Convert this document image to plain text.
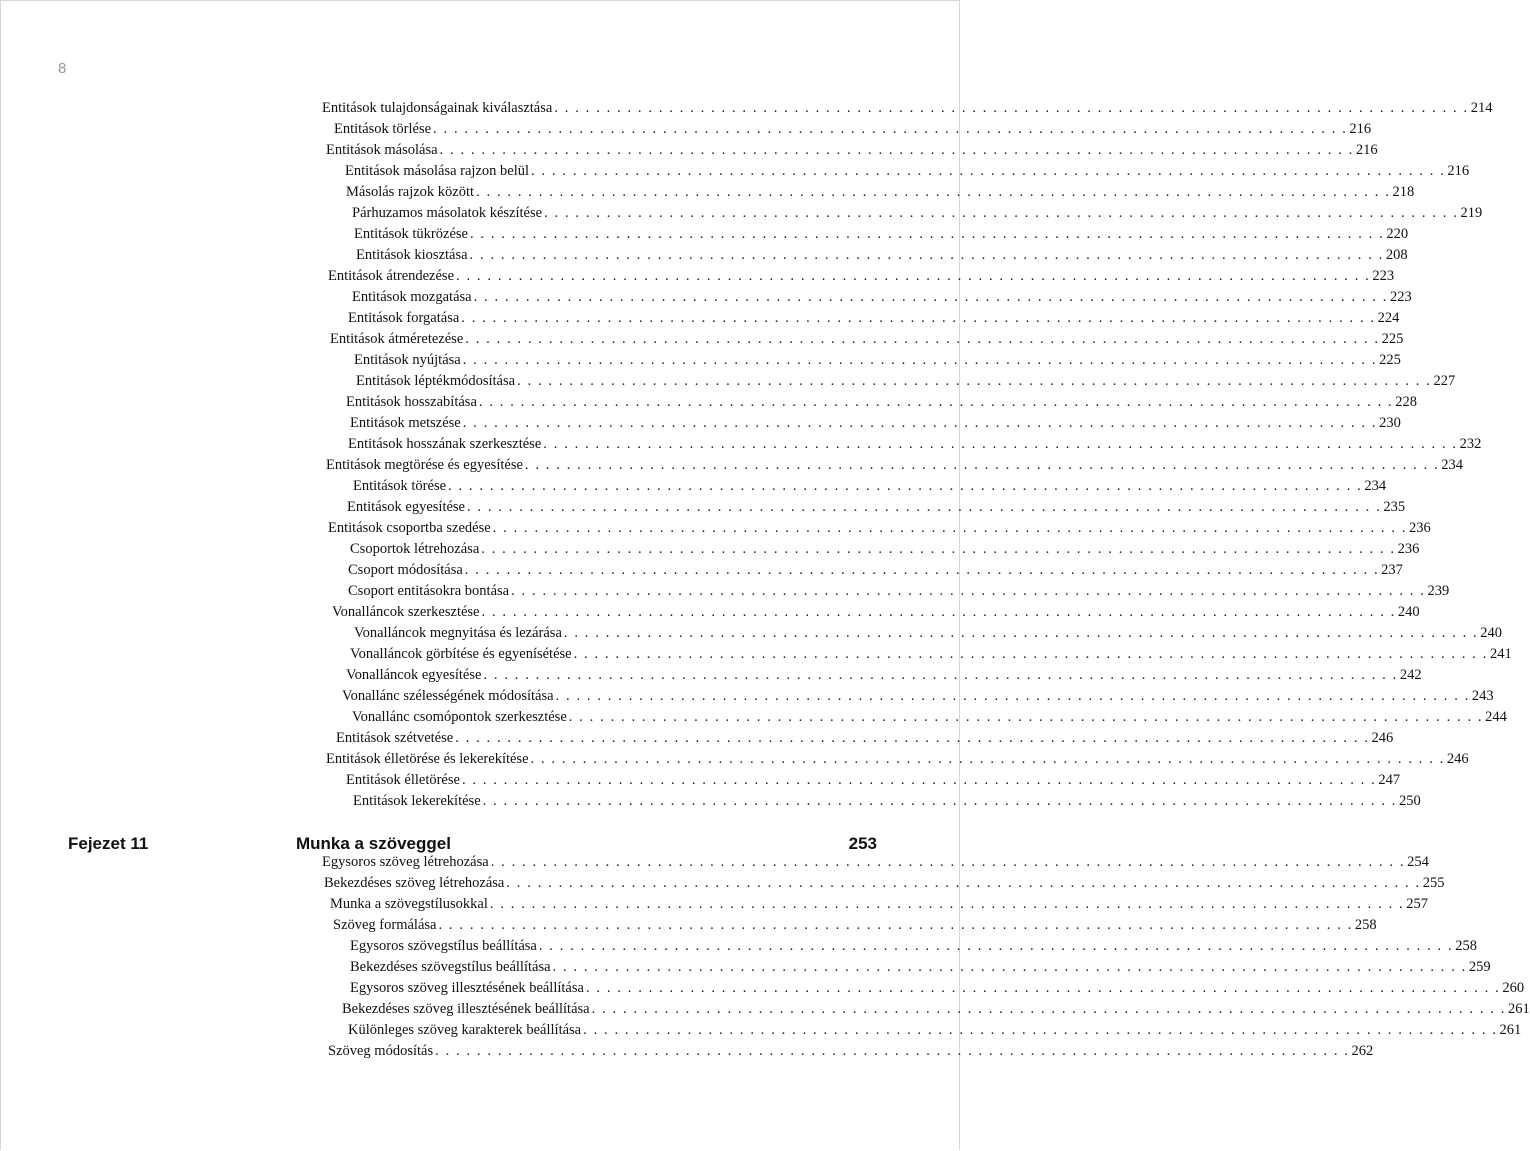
8
Entitások tulajdonságainak kiválasztása . . . . . . . . . . . . . . . . . . . . . . . . . . . . . . . . . . . . . . . . . . . . . . . . . . . . . . . . . . . . . . . . . . . . . . . . . . . . . . . . . . . . . . . . 214
Entitások törlése . . . . . . . . . . . . . . . . . . . . . . . . . . . . . . . . . . . . . . . . . . . . . . . . . . . . . . . . . . . . . . . . . . . . . . . . . . . . . . . . . . . . . . . . 216
Entitások másolása . . . . . . . . . . . . . . . . . . . . . . . . . . . . . . . . . . . . . . . . . . . . . . . . . . . . . . . . . . . . . . . . . . . . . . . . . . . . . . . . . . . . . . . . 216
Entitások másolása rajzon belül . . . . . . . . . . . . . . . . . . . . . . . . . . . . . . . . . . . . . . . . . . . . . . . . . . . . . . . . . . . . . . . . . . . . . . . . . . . . . . . . . . . . . . . . 216
Másolás rajzok között . . . . . . . . . . . . . . . . . . . . . . . . . . . . . . . . . . . . . . . . . . . . . . . . . . . . . . . . . . . . . . . . . . . . . . . . . . . . . . . . . . . . . . . . 218
Párhuzamos másolatok készítése . . . . . . . . . . . . . . . . . . . . . . . . . . . . . . . . . . . . . . . . . . . . . . . . . . . . . . . . . . . . . . . . . . . . . . . . . . . . . . . . . . . . . . . . 219
Entitások tükrözése . . . . . . . . . . . . . . . . . . . . . . . . . . . . . . . . . . . . . . . . . . . . . . . . . . . . . . . . . . . . . . . . . . . . . . . . . . . . . . . . . . . . . . . . 220
Entitások kiosztása . . . . . . . . . . . . . . . . . . . . . . . . . . . . . . . . . . . . . . . . . . . . . . . . . . . . . . . . . . . . . . . . . . . . . . . . . . . . . . . . . . . . . . . . 208
Entitások átrendezése . . . . . . . . . . . . . . . . . . . . . . . . . . . . . . . . . . . . . . . . . . . . . . . . . . . . . . . . . . . . . . . . . . . . . . . . . . . . . . . . . . . . . . . . 223
Entitások mozgatása . . . . . . . . . . . . . . . . . . . . . . . . . . . . . . . . . . . . . . . . . . . . . . . . . . . . . . . . . . . . . . . . . . . . . . . . . . . . . . . . . . . . . . . . 223
Entitások forgatása . . . . . . . . . . . . . . . . . . . . . . . . . . . . . . . . . . . . . . . . . . . . . . . . . . . . . . . . . . . . . . . . . . . . . . . . . . . . . . . . . . . . . . . . 224
Entitások átméretezése . . . . . . . . . . . . . . . . . . . . . . . . . . . . . . . . . . . . . . . . . . . . . . . . . . . . . . . . . . . . . . . . . . . . . . . . . . . . . . . . . . . . . . . . 225
Entitások nyújtása . . . . . . . . . . . . . . . . . . . . . . . . . . . . . . . . . . . . . . . . . . . . . . . . . . . . . . . . . . . . . . . . . . . . . . . . . . . . . . . . . . . . . . . . 225
Entitások léptékmódosítása . . . . . . . . . . . . . . . . . . . . . . . . . . . . . . . . . . . . . . . . . . . . . . . . . . . . . . . . . . . . . . . . . . . . . . . . . . . . . . . . . . . . . . . . 227
Entitások hosszabítása . . . . . . . . . . . . . . . . . . . . . . . . . . . . . . . . . . . . . . . . . . . . . . . . . . . . . . . . . . . . . . . . . . . . . . . . . . . . . . . . . . . . . . . . 228
Entitások metszése . . . . . . . . . . . . . . . . . . . . . . . . . . . . . . . . . . . . . . . . . . . . . . . . . . . . . . . . . . . . . . . . . . . . . . . . . . . . . . . . . . . . . . . . 230
Entitások hosszának szerkesztése . . . . . . . . . . . . . . . . . . . . . . . . . . . . . . . . . . . . . . . . . . . . . . . . . . . . . . . . . . . . . . . . . . . . . . . . . . . . . . . . . . . . . . . . 232
Entitások megtörése és egyesítése . . . . . . . . . . . . . . . . . . . . . . . . . . . . . . . . . . . . . . . . . . . . . . . . . . . . . . . . . . . . . . . . . . . . . . . . . . . . . . . . . . . . . . . . 234
Entitások törése . . . . . . . . . . . . . . . . . . . . . . . . . . . . . . . . . . . . . . . . . . . . . . . . . . . . . . . . . . . . . . . . . . . . . . . . . . . . . . . . . . . . . . . . 234
Entitások egyesítése . . . . . . . . . . . . . . . . . . . . . . . . . . . . . . . . . . . . . . . . . . . . . . . . . . . . . . . . . . . . . . . . . . . . . . . . . . . . . . . . . . . . . . . . 235
Entitások csoportba szedése . . . . . . . . . . . . . . . . . . . . . . . . . . . . . . . . . . . . . . . . . . . . . . . . . . . . . . . . . . . . . . . . . . . . . . . . . . . . . . . . . . . . . . . . 236
Csoportok létrehozása . . . . . . . . . . . . . . . . . . . . . . . . . . . . . . . . . . . . . . . . . . . . . . . . . . . . . . . . . . . . . . . . . . . . . . . . . . . . . . . . . . . . . . . . 236
Csoport módosítása . . . . . . . . . . . . . . . . . . . . . . . . . . . . . . . . . . . . . . . . . . . . . . . . . . . . . . . . . . . . . . . . . . . . . . . . . . . . . . . . . . . . . . . . 237
Csoport entitásokra bontása . . . . . . . . . . . . . . . . . . . . . . . . . . . . . . . . . . . . . . . . . . . . . . . . . . . . . . . . . . . . . . . . . . . . . . . . . . . . . . . . . . . . . . . . 239
Vonalláncok szerkesztése . . . . . . . . . . . . . . . . . . . . . . . . . . . . . . . . . . . . . . . . . . . . . . . . . . . . . . . . . . . . . . . . . . . . . . . . . . . . . . . . . . . . . . . . 240
Vonalláncok megnyitása és lezárása . . . . . . . . . . . . . . . . . . . . . . . . . . . . . . . . . . . . . . . . . . . . . . . . . . . . . . . . . . . . . . . . . . . . . . . . . . . . . . . . . . . . . . . . 240
Vonalláncok görbítése és egyenísétése . . . . . . . . . . . . . . . . . . . . . . . . . . . . . . . . . . . . . . . . . . . . . . . . . . . . . . . . . . . . . . . . . . . . . . . . . . . . . . . . . . . . . . . . 241
Vonalláncok egyesítése . . . . . . . . . . . . . . . . . . . . . . . . . . . . . . . . . . . . . . . . . . . . . . . . . . . . . . . . . . . . . . . . . . . . . . . . . . . . . . . . . . . . . . . . 242
Vonallánc szélességének módosítása . . . . . . . . . . . . . . . . . . . . . . . . . . . . . . . . . . . . . . . . . . . . . . . . . . . . . . . . . . . . . . . . . . . . . . . . . . . . . . . . . . . . . . . . 243
Vonallánc csomópontok szerkesztése . . . . . . . . . . . . . . . . . . . . . . . . . . . . . . . . . . . . . . . . . . . . . . . . . . . . . . . . . . . . . . . . . . . . . . . . . . . . . . . . . . . . . . . . 244
Entitások szétvetése . . . . . . . . . . . . . . . . . . . . . . . . . . . . . . . . . . . . . . . . . . . . . . . . . . . . . . . . . . . . . . . . . . . . . . . . . . . . . . . . . . . . . . . . 246
Entitások élletörése és lekerekítése . . . . . . . . . . . . . . . . . . . . . . . . . . . . . . . . . . . . . . . . . . . . . . . . . . . . . . . . . . . . . . . . . . . . . . . . . . . . . . . . . . . . . . . . 246
Entitások élletörése . . . . . . . . . . . . . . . . . . . . . . . . . . . . . . . . . . . . . . . . . . . . . . . . . . . . . . . . . . . . . . . . . . . . . . . . . . . . . . . . . . . . . . . . 247
Entitások lekerekítése . . . . . . . . . . . . . . . . . . . . . . . . . . . . . . . . . . . . . . . . . . . . . . . . . . . . . . . . . . . . . . . . . . . . . . . . . . . . . . . . . . . . . . . . 250
Fejezet 11	Munka a szöveggel	253
Egysoros szöveg létrehozása . . . . . . . . . . . . . . . . . . . . . . . . . . . . . . . . . . . . . . . . . . . . . . . . . . . . . . . . . . . . . . . . . . . . . . . . . . . . . . . . . . . . . . . . 254
Bekezdéses szöveg létrehozása . . . . . . . . . . . . . . . . . . . . . . . . . . . . . . . . . . . . . . . . . . . . . . . . . . . . . . . . . . . . . . . . . . . . . . . . . . . . . . . . . . . . . . . . 255
Munka a szövegstílusokkal . . . . . . . . . . . . . . . . . . . . . . . . . . . . . . . . . . . . . . . . . . . . . . . . . . . . . . . . . . . . . . . . . . . . . . . . . . . . . . . . . . . . . . . . 257
Szöveg formálása . . . . . . . . . . . . . . . . . . . . . . . . . . . . . . . . . . . . . . . . . . . . . . . . . . . . . . . . . . . . . . . . . . . . . . . . . . . . . . . . . . . . . . . . 258
Egysoros szövegstílus beállítása . . . . . . . . . . . . . . . . . . . . . . . . . . . . . . . . . . . . . . . . . . . . . . . . . . . . . . . . . . . . . . . . . . . . . . . . . . . . . . . . . . . . . . . . 258
Bekezdéses szövegstílus beállítása . . . . . . . . . . . . . . . . . . . . . . . . . . . . . . . . . . . . . . . . . . . . . . . . . . . . . . . . . . . . . . . . . . . . . . . . . . . . . . . . . . . . . . . . 259
Egysoros szöveg illesztésének beállítása . . . . . . . . . . . . . . . . . . . . . . . . . . . . . . . . . . . . . . . . . . . . . . . . . . . . . . . . . . . . . . . . . . . . . . . . . . . . . . . . . . . . . . . . 260
Bekezdéses szöveg illesztésének beállítása . . . . . . . . . . . . . . . . . . . . . . . . . . . . . . . . . . . . . . . . . . . . . . . . . . . . . . . . . . . . . . . . . . . . . . . . . . . . . . . . . . . . . . . . 261
Különleges szöveg karakterek beállítása . . . . . . . . . . . . . . . . . . . . . . . . . . . . . . . . . . . . . . . . . . . . . . . . . . . . . . . . . . . . . . . . . . . . . . . . . . . . . . . . . . . . . . . . 261
Szöveg módosítás . . . . . . . . . . . . . . . . . . . . . . . . . . . . . . . . . . . . . . . . . . . . . . . . . . . . . . . . . . . . . . . . . . . . . . . . . . . . . . . . . . . . . . . . 262
